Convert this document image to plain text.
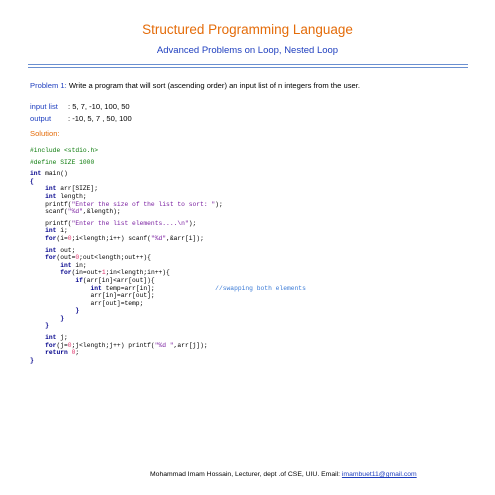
Structured Programming Language
Advanced Problems on Loop, Nested Loop
Problem 1: Write a program that will sort (ascending order) an input list of n integers from the user.
input list : 5, 7, -10, 100, 50
output : -10, 5, 7 , 50, 100
Solution:
#include <stdio.h>
#define SIZE 1000
int main()
{
int arr[SIZE];
int length;
printf("Enter the size of the list to sort: ");
scanf("%d",&length);
printf("Enter the list elements....\n");
int i;
for(i=0;i<length;i++) scanf("%d",&arr[i]);
int out;
for(out=0;out<length;out++){
int in;
for(in=out+1;in<length;in++){
if(arr[in]<arr[out]){
int temp=arr[in];                //swapping both elements
arr[in]=arr[out];
arr[out]=temp;
}
}
}
int j;
for(j=0;j<length;j++) printf("%d ",arr[j]);
return 0;
}
Mohammad Imam Hossain, Lecturer, dept .of CSE, UIU. Email: imambuet11@gmail.com
